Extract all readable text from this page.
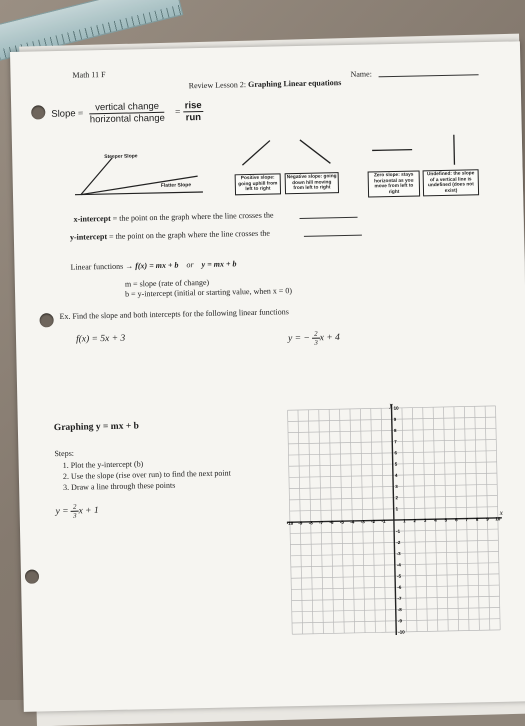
Math 11 F	Name:
Review Lesson 2: Graphing Linear equations
Slope = $\frac{\text{vertical change}}{\text{horizontal change}} = \frac{\text{rise}}{\text{run}}$
Steeper Slope
Flatter Slope
Positive slope: going uphill from left to right
Negative slope: going down hill moving from left to right
Zero slope: stays horizontal as you move from left to right
Undefined: the slope of a vertical line is undefined (does not exist)
x-intercept = the point on the graph where the line crosses the
y-intercept = the point on the graph where the line crosses the
Linear functions → f(x) = mx + b or y = mx + b
m = slope (rate of change)
b = y-intercept (initial or starting value, when x = 0)
Ex. Find the slope and both intercepts for the following linear functions
f(x) = 5x + 3	y = − $\frac{2}{3}$ x + 4
Graphing y = mx + b
Steps:
1. Plot the y-intercept (b)
2. Use the slope (rise over run) to find the next point
3. Draw a line through these points
$y = \frac{2}{3}$ x + 1	x
y
-10
-10
-9
-9
-8
-8
-7
-7
-6
-6
-5
-5
-4
-4
-3
-3
-2
-2
-1
-1
1
1
2
2
3
3
4
4
5
5
6
6
7
7
8
8
9
9
10
10
